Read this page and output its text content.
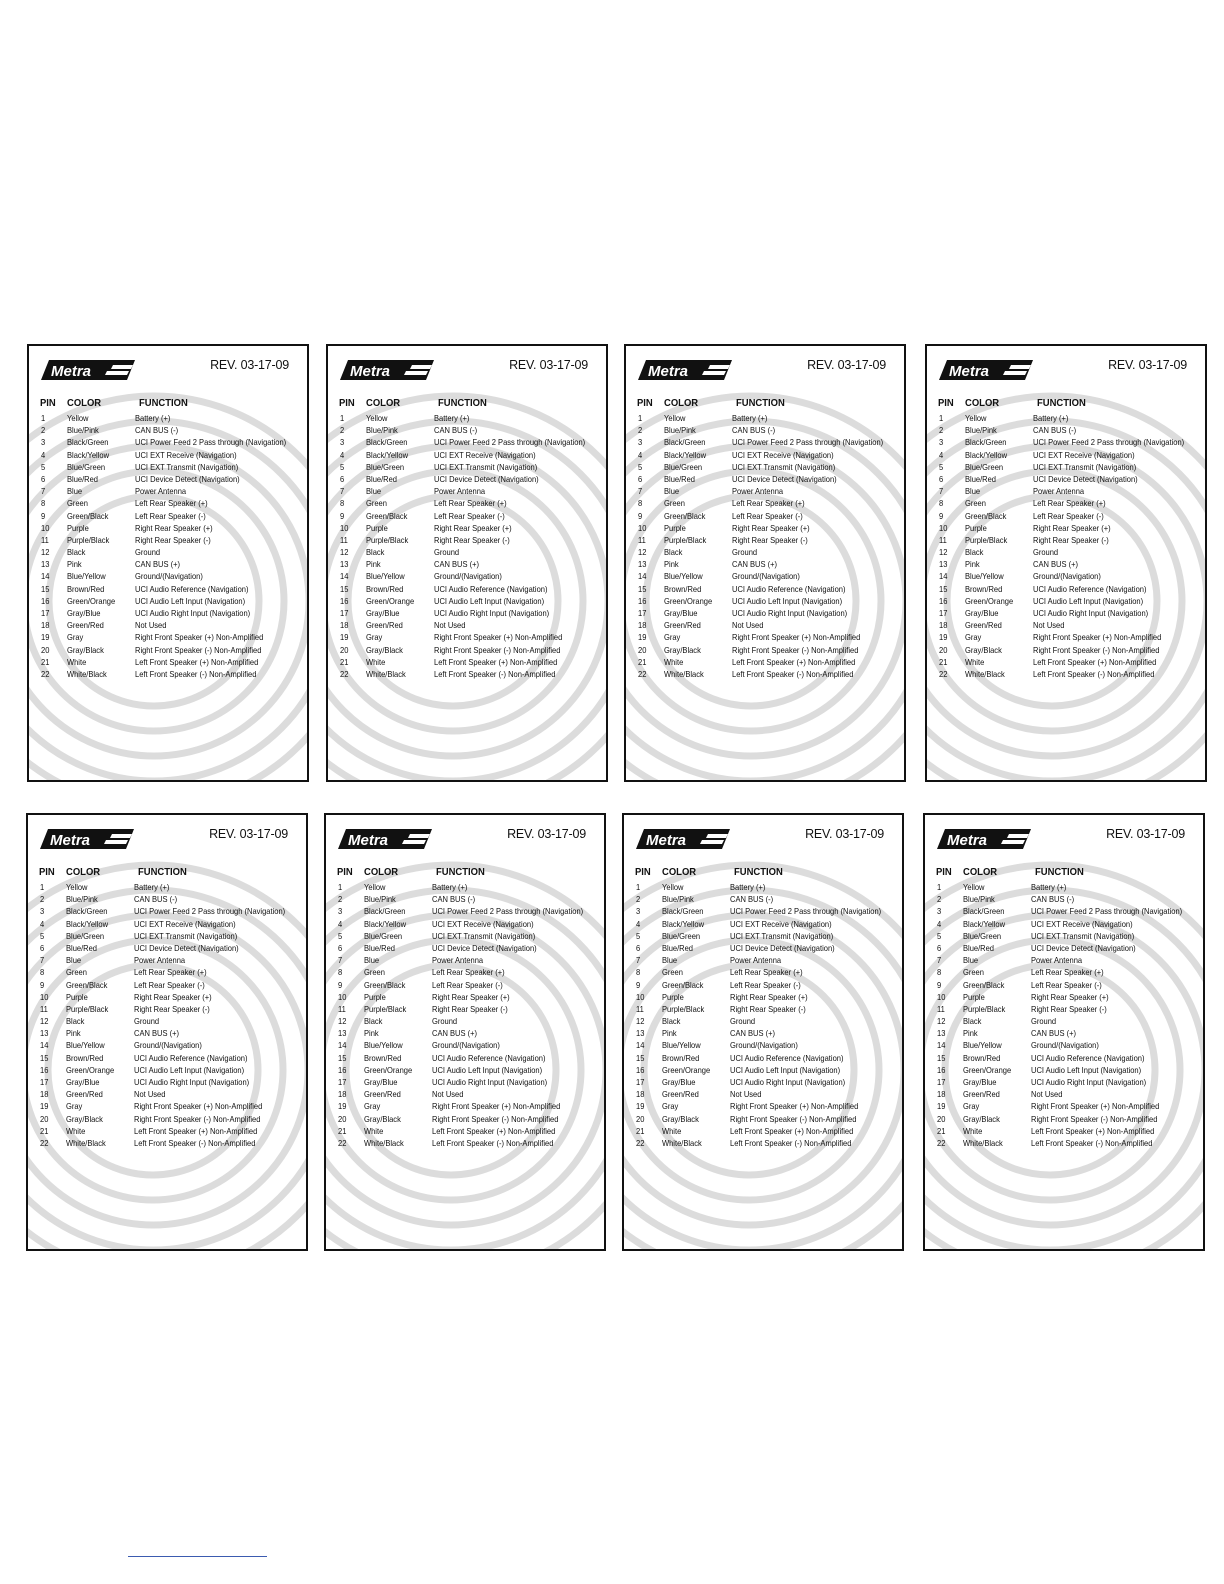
Metra	REV. 03-17-09
PIN COLOR	FUNCTION
1	Yellow	Battery (+)
2	Blue/Pink	CAN BUS (-)
3	Black/Green	UCI Power Feed 2 Pass through (Navigation)
4	Black/Yellow	UCI EXT Receive (Navigation)
5	Blue/Green	UCI EXT Transmit (Navigation)
6	Blue/Red	UCI Device Detect (Navigation)
7	Blue	Power Antenna
8	Green	Left Rear Speaker (+)
9	Green/Black	Left Rear Speaker (-)
10 Purple	Right Rear Speaker (+)
11 Purple/Black	Right Rear Speaker (-)
12 Black	Ground
13 Pink	CAN BUS (+)
14 Blue/Yellow	Ground/(Navigation)
15 Brown/Red	UCI Audio Reference (Navigation)
16 Green/Orange UCI Audio Left Input (Navigation)
17 Gray/Blue	UCI Audio Right Input (Navigation)
18 Green/Red	Not Used
19 Gray	Right Front Speaker (+) Non-Amplified
20 Gray/Black	Right Front Speaker (-) Non-Amplified
21 White	Left Front Speaker (+) Non-Amplified
22 White/Black	Left Front Speaker (-) Non-Amplified
Metra	REV. 03-17-09
PIN COLOR	FUNCTION
1	Yellow	Battery (+)
2	Blue/Pink	CAN BUS (-)
3	Black/Green	UCI Power Feed 2 Pass through (Navigation)
4	Black/Yellow	UCI EXT Receive (Navigation)
5	Blue/Green	UCI EXT Transmit (Navigation)
6	Blue/Red	UCI Device Detect (Navigation)
7	Blue	Power Antenna
8	Green	Left Rear Speaker (+)
9	Green/Black	Left Rear Speaker (-)
10 Purple	Right Rear Speaker (+)
11 Purple/Black	Right Rear Speaker (-)
12 Black	Ground
13 Pink	CAN BUS (+)
14 Blue/Yellow	Ground/(Navigation)
15 Brown/Red	UCI Audio Reference (Navigation)
16 Green/Orange UCI Audio Left Input (Navigation)
17 Gray/Blue	UCI Audio Right Input (Navigation)
18 Green/Red	Not Used
19 Gray	Right Front Speaker (+) Non-Amplified
20 Gray/Black	Right Front Speaker (-) Non-Amplified
21 White	Left Front Speaker (+) Non-Amplified
22 White/Black	Left Front Speaker (-) Non-Amplified
Metra	REV. 03-17-09
PIN COLOR	FUNCTION
1	Yellow	Battery (+)
2	Blue/Pink	CAN BUS (-)
3	Black/Green	UCI Power Feed 2 Pass through (Navigation)
4	Black/Yellow	UCI EXT Receive (Navigation)
5	Blue/Green	UCI EXT Transmit (Navigation)
6	Blue/Red	UCI Device Detect (Navigation)
7	Blue	Power Antenna
8	Green	Left Rear Speaker (+)
9	Green/Black	Left Rear Speaker (-)
10 Purple	Right Rear Speaker (+)
11 Purple/Black	Right Rear Speaker (-)
12 Black	Ground
13 Pink	CAN BUS (+)
14 Blue/Yellow	Ground/(Navigation)
15 Brown/Red	UCI Audio Reference (Navigation)
16 Green/Orange UCI Audio Left Input (Navigation)
17 Gray/Blue	UCI Audio Right Input (Navigation)
18 Green/Red	Not Used
19 Gray	Right Front Speaker (+) Non-Amplified
20 Gray/Black	Right Front Speaker (-) Non-Amplified
21 White	Left Front Speaker (+) Non-Amplified
22 White/Black	Left Front Speaker (-) Non-Amplified
Metra	REV. 03-17-09
PIN COLOR	FUNCTION
1	Yellow	Battery (+)
2	Blue/Pink	CAN BUS (-)
3	Black/Green	UCI Power Feed 2 Pass through (Navigation)
4	Black/Yellow	UCI EXT Receive (Navigation)
5	Blue/Green	UCI EXT Transmit (Navigation)
6	Blue/Red	UCI Device Detect (Navigation)
7	Blue	Power Antenna
8	Green	Left Rear Speaker (+)
9	Green/Black	Left Rear Speaker (-)
10 Purple	Right Rear Speaker (+)
11 Purple/Black	Right Rear Speaker (-)
12 Black	Ground
13 Pink	CAN BUS (+)
14 Blue/Yellow	Ground/(Navigation)
15 Brown/Red	UCI Audio Reference (Navigation)
16 Green/Orange UCI Audio Left Input (Navigation)
17 Gray/Blue	UCI Audio Right Input (Navigation)
18 Green/Red	Not Used
19 Gray	Right Front Speaker (+) Non-Amplified
20 Gray/Black	Right Front Speaker (-) Non-Amplified
21 White	Left Front Speaker (+) Non-Amplified
22 White/Black	Left Front Speaker (-) Non-Amplified
Metra	REV. 03-17-09
PIN COLOR	FUNCTION
1	Yellow	Battery (+)
2	Blue/Pink	CAN BUS (-)
3	Black/Green	UCI Power Feed 2 Pass through (Navigation)
4	Black/Yellow	UCI EXT Receive (Navigation)
5	Blue/Green	UCI EXT Transmit (Navigation)
6	Blue/Red	UCI Device Detect (Navigation)
7	Blue	Power Antenna
8	Green	Left Rear Speaker (+)
9	Green/Black	Left Rear Speaker (-)
10 Purple	Right Rear Speaker (+)
11 Purple/Black	Right Rear Speaker (-)
12 Black	Ground
13 Pink	CAN BUS (+)
14 Blue/Yellow	Ground/(Navigation)
15 Brown/Red	UCI Audio Reference (Navigation)
16 Green/Orange UCI Audio Left Input (Navigation)
17 Gray/Blue	UCI Audio Right Input (Navigation)
18 Green/Red	Not Used
19 Gray	Right Front Speaker (+) Non-Amplified
20 Gray/Black	Right Front Speaker (-) Non-Amplified
21 White	Left Front Speaker (+) Non-Amplified
22 White/Black	Left Front Speaker (-) Non-Amplified
Metra	REV. 03-17-09
PIN COLOR	FUNCTION
1	Yellow	Battery (+)
2	Blue/Pink	CAN BUS (-)
3	Black/Green	UCI Power Feed 2 Pass through (Navigation)
4	Black/Yellow	UCI EXT Receive (Navigation)
5	Blue/Green	UCI EXT Transmit (Navigation)
6	Blue/Red	UCI Device Detect (Navigation)
7	Blue	Power Antenna
8	Green	Left Rear Speaker (+)
9	Green/Black	Left Rear Speaker (-)
10 Purple	Right Rear Speaker (+)
11 Purple/Black	Right Rear Speaker (-)
12 Black	Ground
13 Pink	CAN BUS (+)
14 Blue/Yellow	Ground/(Navigation)
15 Brown/Red	UCI Audio Reference (Navigation)
16 Green/Orange UCI Audio Left Input (Navigation)
17 Gray/Blue	UCI Audio Right Input (Navigation)
18 Green/Red	Not Used
19 Gray	Right Front Speaker (+) Non-Amplified
20 Gray/Black	Right Front Speaker (-) Non-Amplified
21 White	Left Front Speaker (+) Non-Amplified
22 White/Black	Left Front Speaker (-) Non-Amplified
Metra	REV. 03-17-09
PIN COLOR	FUNCTION
1	Yellow	Battery (+)
2	Blue/Pink	CAN BUS (-)
3	Black/Green	UCI Power Feed 2 Pass through (Navigation)
4	Black/Yellow	UCI EXT Receive (Navigation)
5	Blue/Green	UCI EXT Transmit (Navigation)
6	Blue/Red	UCI Device Detect (Navigation)
7	Blue	Power Antenna
8	Green	Left Rear Speaker (+)
9	Green/Black	Left Rear Speaker (-)
10 Purple	Right Rear Speaker (+)
11 Purple/Black	Right Rear Speaker (-)
12 Black	Ground
13 Pink	CAN BUS (+)
14 Blue/Yellow	Ground/(Navigation)
15 Brown/Red	UCI Audio Reference (Navigation)
16 Green/Orange UCI Audio Left Input (Navigation)
17 Gray/Blue	UCI Audio Right Input (Navigation)
18 Green/Red	Not Used
19 Gray	Right Front Speaker (+) Non-Amplified
20 Gray/Black	Right Front Speaker (-) Non-Amplified
21 White	Left Front Speaker (+) Non-Amplified
22 White/Black	Left Front Speaker (-) Non-Amplified
Metra	REV. 03-17-09
PIN COLOR	FUNCTION
1	Yellow	Battery (+)
2	Blue/Pink	CAN BUS (-)
3	Black/Green	UCI Power Feed 2 Pass through (Navigation)
4	Black/Yellow	UCI EXT Receive (Navigation)
5	Blue/Green	UCI EXT Transmit (Navigation)
6	Blue/Red	UCI Device Detect (Navigation)
7	Blue	Power Antenna
8	Green	Left Rear Speaker (+)
9	Green/Black	Left Rear Speaker (-)
10 Purple	Right Rear Speaker (+)
11 Purple/Black	Right Rear Speaker (-)
12 Black	Ground
13 Pink	CAN BUS (+)
14 Blue/Yellow	Ground/(Navigation)
15 Brown/Red	UCI Audio Reference (Navigation)
16 Green/Orange UCI Audio Left Input (Navigation)
17 Gray/Blue	UCI Audio Right Input (Navigation)
18 Green/Red	Not Used
19 Gray	Right Front Speaker (+) Non-Amplified
20 Gray/Black	Right Front Speaker (-) Non-Amplified
21 White	Left Front Speaker (+) Non-Amplified
22 White/Black	Left Front Speaker (-) Non-Amplified
